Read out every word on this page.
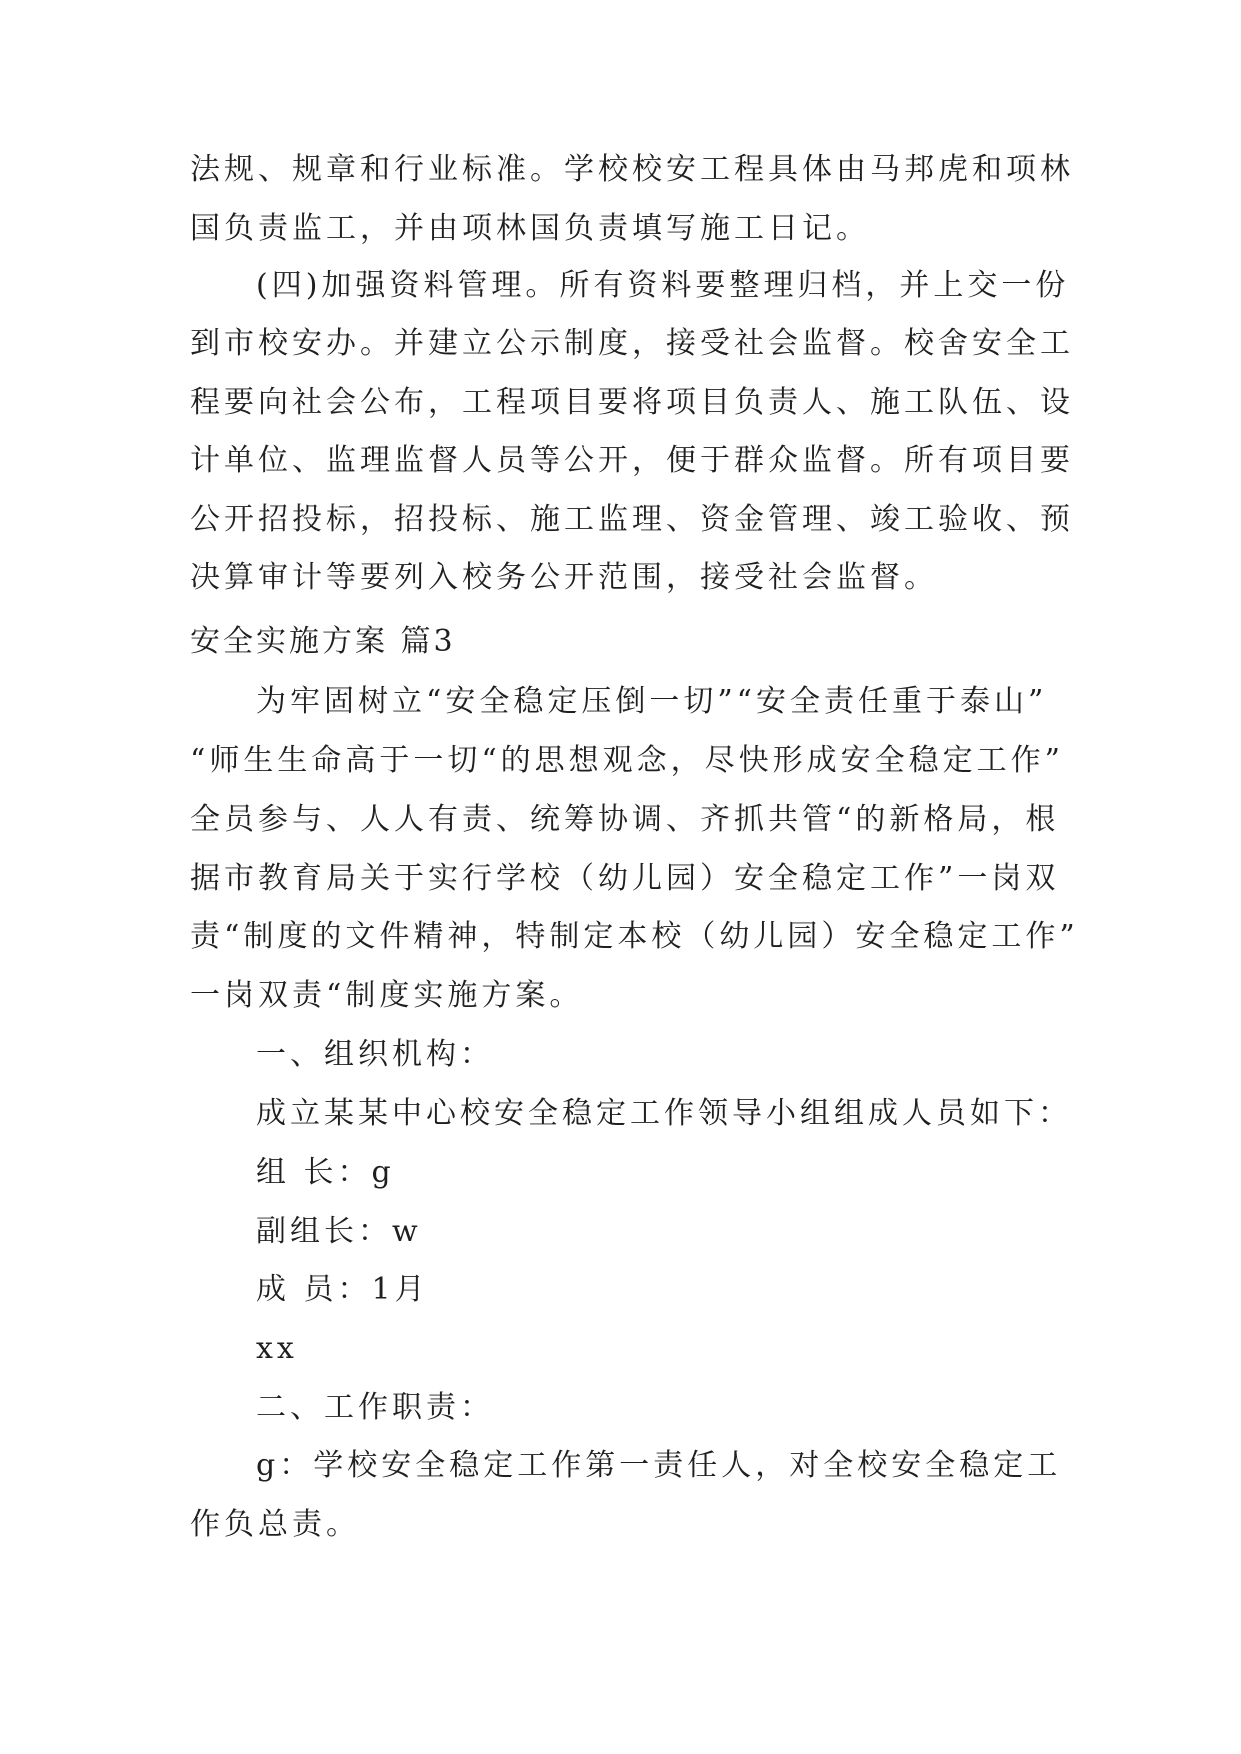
法规、规章和行业标准。学校校安工程具体由马邦虎和项林
国负责监工，并由项林国负责填写施工日记。
(四)加强资料管理。所有资料要整理归档，并上交一份
到市校安办。并建立公示制度，接受社会监督。校舍安全工
程要向社会公布，工程项目要将项目负责人、施工队伍、设
计单位、监理监督人员等公开，便于群众监督。所有项目要
公开招投标，招投标、施工监理、资金管理、竣工验收、预
决算审计等要列入校务公开范围，接受社会监督。
安全实施方案 篇3
为牢固树立“安全稳定压倒一切”“安全责任重于泰山”
“师生生命高于一切“的思想观念，尽快形成安全稳定工作”
全员参与、人人有责、统筹协调、齐抓共管“的新格局，根
据市教育局关于实行学校（幼儿园）安全稳定工作”一岗双
责“制度的文件精神，特制定本校（幼儿园）安全稳定工作”
一岗双责“制度实施方案。
一、组织机构：
成立某某中心校安全稳定工作领导小组组成人员如下：
组 长：g
副组长：w
成 员：1月
xx
二、工作职责：
g：学校安全稳定工作第一责任人，对全校安全稳定工
作负总责。
